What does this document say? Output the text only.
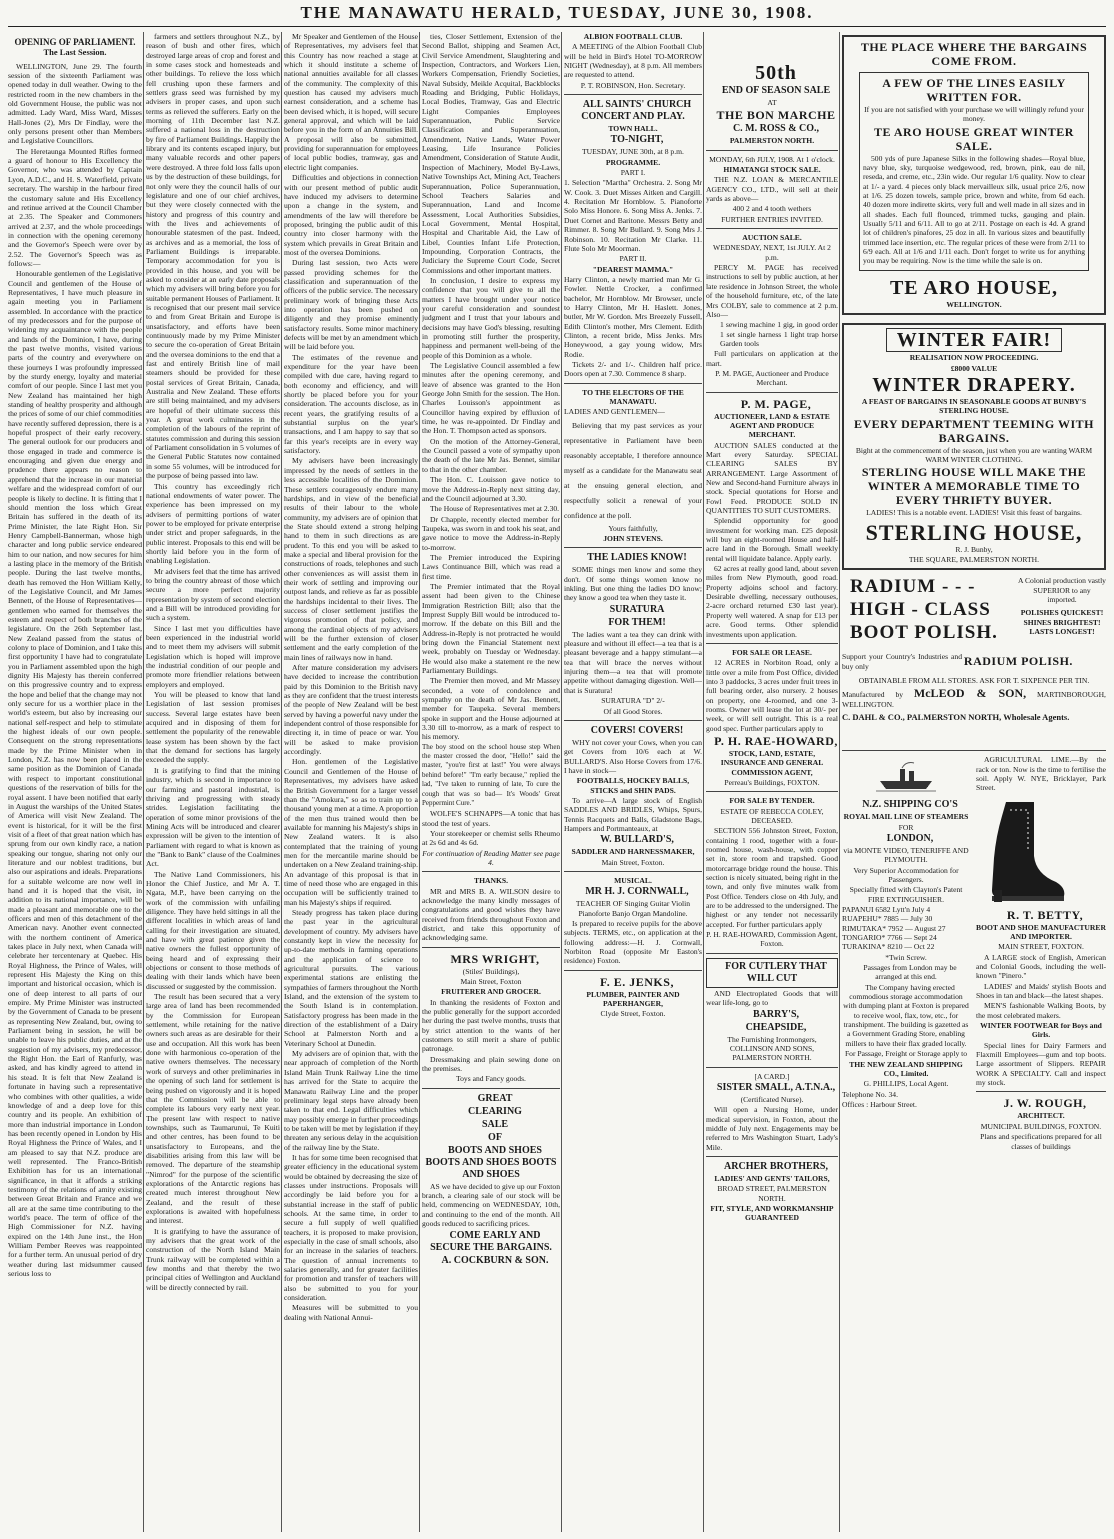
THE MANAWATU HERALD, TUESDAY, JUNE 30, 1908.

OPENING OF PARLIAMENT.

The Last Session.

WELLINGTON, June 29. The fourth session of the sixteenth Parliament was opened today in dull weather. Owing to the restricted room in the new chambers in the old Government House, the public was not admitted. Lady Ward, Miss Ward, Misses Hall-Jones (2), Mrs Dr Findlay, were the only persons present other than Members and Legislative Councillors.

The Heretaunga Mounted Rifles formed a guard of honour to His Excellency the Governor, who was attended by Captain Lyon, A.D.C., and H. S. Waterfield, private secretary. The warship in the harbour fired the customary salute and His Excellency and retinue arrived at the Council Chamber at 2.35. The Speaker and Commoners arrived at 2.37, and the whole proceedings in connection with the opening ceremony and the Governor's Speech were over by 2.52. The Governor's Speech was as follows:—

Honourable gentlemen of the Legislative Council and gentlemen of the House of Representatives, I have much pleasure in again meeting you in Parliament assembled. In accordance with the practice of my predecessors and for the purpose of widening my acquaintance with the people and lands of the Dominion, I have, during the past twelve months, visited various parts of the country and everywhere on these journeys I was profoundly impressed by the sturdy energy, loyalty and material comfort of our people. Since I last met you New Zealand has maintained her high standing of healthy prosperity and although the prices of some of our chief commodities have recently suffered depression, there is a hopeful prospect of their early recovery. The general outlook for our producers and those engaged in trade and commerce is encouraging and given due energy and prudence there appears no reason to apprehend that the increase in our material welfare and the widespread comfort of our people is likely to decline. It is fitting that I should mention the loss which Great Britain has suffered in the death of its Prime Minister, the late Right Hon. Sir Henry Campbell-Bannerman, whose high character and long public service endeared him to our nation, and now secures for him a lasting place in the memory of the British people. During the last twelve months, death has removed the Hon William Kelly, of the Legislative Council, and Mr James Bennett, of the House of Representatives—gentlemen who earned for themselves the esteem and respect of both branches of the legislature. On the 26th September last, New Zealand passed from the status of colony to place of Dominion, and I take this first opportunity I have had to congratulate you in Parliament assembled upon the high dignity His Majesty has therein conferred on this progressive country and to express the hope and belief that the change may not only secure for us a worthier place in the world's esteem, but also by increasing our national self-respect and help to stimulate the highest ideals of our own people. Consequent on the strong representations made by the Prime Minister when in London, N.Z. has now been placed in the same position as the Dominion of Canada with respect to important constitutional questions of the reservation of bills for the royal assent. I have been notified that early in August the warships of the United States of America will visit New Zealand. The event is historical, for it will be the first visit of a fleet of that great nation which has sprung from our own kindly race, a nation speaking our tongue, sharing not only our literature and our noblest traditions, but also our aspirations and ideals. Preparations for a suitable welcome are now well in hand and it is hoped that the visit, in addition to its national importance, will be made a pleasant and memorable one to the officers and men of this detachment of the American navy. Another event connected with the northern continent of America takes place in July next, when Canada will celebrate her tercentenary at Quebec. His Royal Highness, the Prince of Wales, will represent His Majesty the King on this important and historical occasion, which is one of deep interest to all parts of our empire. My Prime Minister was instructed by the Government of Canada to be present as representing New Zealand, but, owing to Parliament being in session, he will be unable to leave his public duties, and at the suggestion of my advisers, my predecessor, the Right Hon. the Earl of Ranfurly, was asked, and has kindly agreed to attend in his stead. It is felt that New Zealand is fortunate in having such a representative who combines with other qualities, a wide knowledge of and a deep love for this country and its people. An exhibition of more than industrial importance in London has been recently opened in London by His Royal Highness the Prince of Wales, and I am pleased to say that N.Z. produce are well represented. The Franco-British Exhibition has for us an international significance, in that it affords a striking testimony of the relations of amity existing between Great Britain and France and we all are at the same time contributing to the world's peace. The term of office of the High Commissioner for N.Z. having expired on the 14th June inst., the Hon William Pember Reeves was reappointed for a further term. An unusual period of dry weather during last midsummer caused serious loss to

farmers and settlers throughout N.Z., by reason of bush and other fires, which destroyed large areas of crop and forest and in some cases stock and homesteads and other buildings. To relieve the loss which fell crushing upon these farmers and settlers grass seed was furnished by my advisers in proper cases, and upon such terms as relieved the sufferers. Early on the morning of 11th December last N.Z. suffered a national loss in the destruction by fire of Parliament Buildings. Happily the library and its contents escaped injury, but many valuable records and other papers were destroyed. A three fold loss falls upon us by the destruction of these buildings, for not only were they the council halls of our legislature and one of our chief archives, but they were closely connected with the history and progress of this country and with the lives and achievements of honourable statesmen of the past. Indeed, as archives and as a memorial, the loss of Parliament Buildings is irreparable. Temporary accommodation for you is provided in this house, and you will be asked to consider at an early date proposals which my advisers will bring before you for suitable permanent Houses of Parliament. It is recognised that our present mail service to and from Great Britain and Europe is unsatisfactory, and efforts have been continuously made by my Prime Minister to secure the co-operation of Great Britain and the oversea dominions to the end that a fast and entirely British line of mail steamers should be provided for these postal services of Great Britain, Canada, Australia and New Zealand. These efforts are still being maintained, and my advisers are hopeful of their ultimate success this year. A great work culminates in the completion of the labours of the reprint of statutes commission and during this session of Parliament consolidation in 5 volumes of the General Public Statutes now contained in some 55 volumes, will be introduced for the purpose of being passed into law.

This country has exceedingly rich national endowments of water power. The experience has been impressed on my advisers of permitting portions of water power to be employed for private enterprise under strict and proper safeguards, in the public interest. Proposals to this end will be shortly laid before you in the form of enabling Legislation.

Mr advisers feel that the time has arrived to bring the country abreast of those which secure a more perfect majority representation by system of second election and a Bill will be introduced providing for such a system.

Since I last met you difficulties have been experienced in the industrial world and to meet them my advisers will submit Legislation which is hoped will improve the industrial condition of our people and promote more friendlier relations between employers and employed.

You will be pleased to know that land Legislation of last session promises success. Several large estates have been acquired and in disposing of them for settlement the popularity of the renewable lease system has been shown by the fact that the demand for sections has largely exceeded the supply.

It is gratifying to find that the mining industry, which is second in importance to our farming and pastoral industrial, is thriving and progressing with steady strides. Legislation facilitating the operation of some minor provisions of the Mining Acts will be introduced and clearer expression will be given to the intention of Parliament with regard to what is known as the "Bank to Bank" clause of the Coalmines Act.

The Native Land Commissioners, his Honor the Chief Justice, and Mr A. T. Ngata, M.P., have been carrying on the work of the commission with unfailing diligence. They have held sittings in all the different localities in which areas of land calling for their investigation are situated, and have with great patience given the native owners the fullest opportunity of being heard and of expressing their objections or consent to those methods of dealing with their lands which have been discussed or suggested by the commission.

The result has been secured that a very large area of land has been recommended by the Commission for European settlement, while retaining for the native owners such areas as are desirable for their use and occupation. All this work has been done with harmonious co-operation of the native owners themselves. The necessary work of surveys and other preliminaries in the opening of such land for settlement is being pushed on vigorously and it is hoped that the Commission will be able to complete its labours very early next year. The present law with respect to native townships, such as Taumarunui, Te Kuiti and other centres, has been found to be unsatisfactory to Europeans, and the disabilities arising from this law will be removed. The departure of the steamship "Nimrod" for the purpose of the scientific explorations of the Antarctic regions has created much interest throughout New Zealand, and the result of these explorations is awaited with hopefulness and interest.

It is gratifying to have the assurance of my advisers that the great work of the construction of the North Island Main Trunk railway will be completed within a few months and that thereby the two principal cities of Wellington and Auckland will be directly connected by rail.

Mr Speaker and Gentlemen of the House of Representatives, my advisers feel that this Country has now reached a stage at which it should institute a scheme of national annuities available for all classes of the community. The complexity of this question has caused my advisers much earnest consideration, and a scheme has been devised which, it is hoped, will secure general approval, and which will be laid before you in the form of an Annuities Bill. A proposal will also be submitted, providing for superannuation for employees of local public bodies, tramway, gas and electric light companies.

Difficulties and objections in connection with our present method of public audit have induced my advisers to determine upon a change in the system, and amendments of the law will therefore be proposed, bringing the public audit of this country into closer harmony with the system which prevails in Great Britain and most of the oversea Dominions.

During last session, two Acts were passed providing schemes for the classification and superannuation of the officers of the public service. The necessary preliminary work of bringing these Acts into operation has been pushed on diligently and they promise eminently satisfactory results. Some minor machinery defects will be met by an amendment which will be laid before you.

The estimates of the revenue and expenditure for the year have been compiled with due care, having regard to both economy and efficiency, and will shortly be placed before you for your consideration. The accounts disclose, as in recent years, the gratifying results of a substantial surplus on the year's transactions, and I am happy to say that so far this year's receipts are in every way satisfactory.

My advisers have been increasingly impressed by the needs of settlers in the less accessible localities of the Dominion. These settlers courageously endure many hardships, and in view of the beneficial results of their labour to the whole community, my advisers are of opinion that the State should extend a strong helping hand to them in such directions as are prudent. To this end you will be asked to make a special and liberal provision for the constructions of roads, telephones and such other conveniences as will assist them in their work of settling and improving our outpost lands, and relieve as far as possible the hardships incidental to their lives. The success of closer settlement justifies the vigorous promotion of that policy, and among the cardinal objects of my advisers will be the further extension of closer settlement and the early completion of the main lines of railways now in hand.

After mature consideration my advisers have decided to increase the contribution paid by this Dominion to the British navy as they are confident that the truest interests of the people of New Zealand will be best served by having a powerful navy under the independent control of those responsible for directing it, in time of peace or war. You will be asked to make provision accordingly.

Hon. gentlemen of the Legislative Council and Gentlemen of the House of Representatives, my advisers have asked the British Government for a larger vessel than the "Amokura," so as to train up to a thousand young men at a time. A proportion of the men thus trained would then be available for manning his Majesty's ships in New Zealand waters. It is also contemplated that the training of young men for the mercantile marine should be undertaken on a New Zealand training-ship. An advantage of this proposal is that in time of need those who are engaged in this occupation will be sufficiently trained to man his Majesty's ships if required.

Steady progress has taken place during the past year in the agricultural development of country. My advisers have constantly kept in view the necessity for up-to-date methods in farming operations and the application of science to agricultural pursuits. The various experimental stations are enlisting the sympathies of farmers throughout the North Island, and the extension of the system to the South Island is in contemplation. Satisfactory progress has been made in the direction of the establishment of a Dairy School at Palmerston North and a Veterinary School at Dunedin.

My advisers are of opinion that, with the near approach of completion of the North Island Main Trunk Railway Line the time has arrived for the State to acquire the Manawatu Railway Line and the proper preliminary legal steps have already been taken to that end. Legal difficulties which may possibly emerge in further proceedings to be taken will be met by legislation if they threaten any serious delay in the acquisition of the railway line by the State.

It has for some time been recognised that greater efficiency in the educational system would be obtained by decreasing the size of classes under instructions. Proposals will accordingly be laid before you for a substantial increase in the staff of public schools. At the same time, in order to secure a full supply of well qualified teachers, it is proposed to make provision, especially in the case of small schools, also for an increase in the salaries of teachers. The question of annual increments to salaries generally, and for greater facilities for promotion and transfer of teachers will also be submitted to you for your consideration.

Measures will be submitted to you dealing with National Annui-

ties, Closer Settlement, Extension of the Second Ballot, shipping and Seamen Act, Civil Service Amendment, Slaughtering and Inspection, Contractors, and Workers Lien, Workers Compensation, Friendly Societies, Naval Subsidy, Meikle Acquital, Backblocks Roading and Bridging, Public Holidays, Local Bodies, Tramway, Gas and Electric Light Companies Employees Superannuation, Public Service Classification and Superannuation, Amendment, Native Lands, Water Power Leasing, Life Insurance Policies Amendment, Consideration of Statute Audit, Inspection of Machinery, Model By-Laws, Native Townships Act, Mining Act, Teachers Superannuation, Police Superannuation, School Teachers Salaries and Superannuation, Land and Income Assessment, Local Authorities Subsidies, Local Government, Mental Hospital, Hospital and Charitable Aid, the Law of Libel, Counties Infant Life Protection, Impounding, Corporation Contracts, the Judiciary the Supreme Court Code, Secret Commissions and other important matters.

In conclusion, I desire to express my confidence that you will give to all the matters I have brought under your notice your careful consideration and soundest judgment and I trust that your labours and decisions may have God's blessing, resulting in promoting still further the prosperity, happiness and permanent well-being of the people of this Dominion as a whole.

The Legislative Council assembled a few minutes after the opening ceremony, and leave of absence was granted to the Hon George John Smith for the session. The Hon. Charles Louisson's appointment as Councillor having expired by effluxion of time, he was re-appointed. Dr Findlay and the Hon. T. Thompson acted as sponsors.

On the motion of the Attorney-General, the Council passed a vote of sympathy upon the death of the late Mr Jas. Bennet, similar to that in the other chamber.

The Hon. C. Louisson gave notice to move the Address-in-Reply next sitting day, and the Council adjourned at 3.30.

The House of Representatives met at 2.30.

Dr Chapple, recently elected member for Taupeka, was sworn in and took his seat, and gave notice to move the Address-in-Reply to-morrow.

The Premier introduced the Expiring Laws Continuance Bill, which was read a first time.

The Premier intimated that the Royal assent had been given to the Chinese Immigration Restriction Bill; also that the Imprest Supply Bill would be introduced to-morrow. If the debate on this Bill and the Address-in-Reply is not protracted he would bring down the Financial Statement next week, probably on Tuesday or Wednesday. He would also make a statement re the new Parliamentary Buildings.

The Premier then moved, and Mr Massey seconded, a vote of condolence and sympathy on the death of Mr Jas. Bennett, member for Taupeka. Several members spoke in support and the House adjourned at 3.30 till to-morrow, as a mark of respect to his memory.

The boy stood on the school house step When the master crossed the door, "Hello!" said the master, "you're first at last!" You were always behind before!" "I'm early because," replied the lad, "I've taken to running of late, To cure the cough that was so bad— It's Woods' Great Peppermint Cure."

WOLFE'S SCHNAPPS—A tonic that has stood the test of years.

Your storekeeper or chemist sells Rheumo at 2s 6d and 4s 6d.

For continuation of Reading Matter see page 4.

THANKS.

MR and MRS B. A. WILSON desire to acknowledge the many kindly messages of congratulations and good wishes they have received from friends throughout Foxton and district, and take this opportunity of acknowledging same.

MRS WRIGHT,

(Stiles' Buildings),

Main Street, Foxton

FRUITERER AND GROCER.

In thanking the residents of Foxton and the public generally for the support accorded her during the past twelve months, trusts that by strict attention to the wants of her customers to still merit a share of public patronage.

Dressmaking and plain sewing done on the premises.

Toys and Fancy goods.

GREAT

CLEARING

SALE

OF

BOOTS AND SHOES BOOTS AND SHOES BOOTS AND SHOES

AS we have decided to give up our Foxton branch, a clearing sale of our stock will be held, commencing on WEDNESDAY, 10th, and continuing to the end of the month. All goods reduced to sacrificing prices.

COME EARLY AND SECURE THE BARGAINS.

A. COCKBURN & SON.

ALBION FOOTBALL CLUB.

A MEETING of the Albion Football Club will be held in Bird's Hotel TO-MORROW NIGHT (Wednesday), at 8 p.m. All members are requested to attend.

P. T. ROBINSON, Hon. Secretary.

ALL SAINTS' CHURCH CONCERT AND PLAY.

TOWN HALL.

TO-NIGHT,

TUESDAY, JUNE 30th, at 8 p.m.

PROGRAMME.

PART I.

1. Selection "Martha" Orchestra. 2. Song Mr W. Cook. 3. Duet Misses Aitken and Cargill. 4. Recitation Mr Hornblow. 5. Pianoforte Solo Miss Honore. 6. Song Miss A. Jenks. 7. Duet Cornet and Baritone. Messrs Betty and Rimmer. 8. Song Mr Bullard. 9. Song Mrs J. Robinson. 10. Recitation Mr Clarke. 11. Flute Solo Mr Moorman.

PART II.

"DEAREST MAMMA."

Harry Clinton, a newly married man Mr G. Fowler. Nettle Crocker, a confirmed bachelor, Mr Hornblow. Mr Browser, uncle to Harry Clinton, Mr H. Haslett. Jones, butler, Mr W. Gordon. Mrs Breezely Fussell, Edith Clinton's mother, Mrs Clement. Edith Clinton, a recent bride, Miss Jenks. Mrs Honeywood, a gay young widow, Mrs Rodie.

Tickets 2/- and 1/-. Children half price. Doors open at 7.30. Commence 8 sharp.

TO THE ELECTORS OF THE MANAWATU.

LADIES AND GENTLEMEN—

Believing that my past services as your representative in Parliament have been reasonably acceptable, I therefore announce myself as a candidate for the Manawatu seat at the ensuing general election, and respectfully solicit a renewal of your confidence at the poll.

Yours faithfully,

JOHN STEVENS.

THE LADIES KNOW!

SOME things men know and some they don't. Of some things women know no inkling. But one thing the ladies DO know; they know a good tea when they taste it.

SURATURA

FOR THEM!

The ladies want a tea they can drink with pleasure and without ill effect—a tea that is a pleasant beverage and a happy stimulant—a tea that will brace the nerves without injuring them—a tea that will promote appetite without damaging digestion. Well—that is Suratura!

SURATURA "D" 2/-

Of all Good Stores.

COVERS! COVERS!

WHY not cover your Cows, when you can get Covers from 10/6 each at W. BULLARD'S. Also Horse Covers from 17/6. I have in stock—

FOOTBALLS, HOCKEY BALLS, STICKS and SHIN PADS.

To arrive—A large stock of English SADDLES AND BRIDLES, Whips, Spurs, Tennis Racquets and Balls, Gladstone Bags, Hampers and Portmanteaux, at

W. BULLARD'S,

SADDLER AND HARNESSMAKER,

Main Street, Foxton.

MUSICAL.

MR H. J. CORNWALL,

TEACHER OF Singing Guitar Violin Pianoforte Banjo Organ Mandoline.

Is prepared to receive pupils for the above subjects. TERMS, etc., on application at the following address:—H. J. Cornwall, Norbiton Road (opposite Mr Easton's residence) Foxton.

F. E. JENKS,

PLUMBER, PAINTER AND PAPERHANGER,

Clyde Street, Foxton.

50th

END OF SEASON SALE

AT

THE BON MARCHE

C. M. ROSS & CO.,

PALMERSTON NORTH.

MONDAY, 6th JULY, 1908. At 1 o'clock.

HIMATANGI STOCK SALE.

THE N.Z. LOAN & MERCANTILE AGENCY CO., LTD., will sell at their yards as above—

400 2 and 4 tooth wethers

FURTHER ENTRIES INVITED.

AUCTION SALE.

WEDNESDAY, NEXT, 1st JULY. At 2 p.m.

PERCY M. PAGE has received instructions to sell by public auction, at her late residence in Johnson Street, the whole of the household furniture, etc, of the late Mrs COLBY, sale to commence at 2 p.m. Also—

1 sewing machine 1 gig, in good order 1 set single harness 1 light trap horse Garden tools

Full particulars on application at the mart.

P. M. PAGE, Auctioneer and Produce Merchant.

P. M. PAGE,

AUCTIONEER, LAND & ESTATE AGENT AND PRODUCE MERCHANT.

AUCTION SALES conducted at the Mart every Saturday. SPECIAL CLEARING SALES BY ARRANGEMENT. Large Assortment of New and Second-hand Furniture always in stock. Special quotations for Horse and Fowl Feed. PRODUCE SOLD IN QUANTITIES TO SUIT CUSTOMERS.

Splendid opportunity for good investment for working man. £25 deposit will buy an eight-roomed House and half-acre land in the Borough. Small weekly rental will liquidate balance. Apply early.

62 acres at really good land, about seven miles from New Plymouth, good road. Property adjoins school and factory. Desirable dwelling, necessary outhouses, 2-acre orchard returned £30 last year). Property well watered. A snap for £13 per acre. Good terms. Other splendid investments upon application.

FOR SALE OR LEASE.

12 ACRES in Norbiton Road, only a little over a mile from Post Office, divided into 3 paddocks, 3 acres under fruit trees in full bearing order, also nursery. 2 houses on property, one 4-roomed, and one 3-rooms. Owner will lease the lot at 30/- per week, or will sell outright. This is a real good spec. Further particulars apply to

P. H. RAE-HOWARD,

STOCK, LAND, ESTATE, INSURANCE AND GENERAL COMMISSION AGENT,

Perreau's Buildings, FOXTON.

FOR SALE BY TENDER.

ESTATE OF REBECCA COLEY, DECEASED.

SECTION 556 Johnston Street, Foxton, containing 1 rood, together with a four-roomed house, wash-house, with copper set in, store room and trapshed. Good motorcarrage bridge round the house. This section is nicely situated, being right in the town, and only five minutes walk from Post Office. Tenders close on 4th July, and are to be addressed to the undersigned. The highest or any tender not necessarily accepted. For further particulars apply

P. H. RAE-HOWARD, Commission Agent, Foxton.

FOR CUTLERY THAT WILL CUT

AND Electroplated Goods that will wear life-long, go to

BARRY'S,

CHEAPSIDE,

The Furnishing Ironmongers, COLLINSON AND SONS, PALMERSTON NORTH.

[A CARD.]

SISTER SMALL, A.T.N.A.,

(Certificated Nurse).

Will open a Nursing Home, under medical supervision, in Foxton, about the middle of July next. Engagements may be referred to Mrs Washington Stuart, Lady's Mile.

ARCHER BROTHERS,

LADIES' AND GENTS' TAILORS,

BROAD STREET, PALMERSTON NORTH.

FIT, STYLE, AND WORKMANSHIP GUARANTEED

THE PLACE WHERE THE BARGAINS COME FROM.

A FEW OF THE LINES EASILY WRITTEN FOR.

If you are not satisfied with your purchase we will willingly refund your money.

TE ARO HOUSE GREAT WINTER SALE.

500 yds of pure Japanese Silks in the following shades—Royal blue, navy blue, sky, turquoise wedgewood, red, brown, pink, eau de nil, reseda, and creme, etc., 23in wide. Our regular 1/6 quality. Now to clear at 1/- a yard. 4 pieces only black mervailleux silk, usual price 2/6, now at 1/6. 25 dozen towels, sample price, brown and white, from 6d each. 40 dozen more indirette skirts, very full and well made in all sizes and in all shades. Each full flounced, trimmed tucks, gauging and plain. Usually 5/11 and 6/11. All to go at 2/11. Postage on each is 4d. A grand lot of children's pinafores, 25 doz in all. In various sizes and beautifully trimmed lace insertion, etc. The regular prices of these were from 2/11 to 6/9 each. All at 1/6 and 1/11 each. Don't forget to write us for anything you may be requiring. Now is the time while the sale is on.

TE ARO HOUSE,

WELLINGTON.

WINTER FAIR!

REALISATION NOW PROCEEDING.

£8000 VALUE

WINTER DRAPERY.

A FEAST OF BARGAINS IN SEASONABLE GOODS AT BUNBY'S STERLING HOUSE.

EVERY DEPARTMENT TEEMING WITH BARGAINS.

Bight at the commencement of the season, just when you are wanting WARM WARM WINTER CLOTHING.

STERLING HOUSE WILL MAKE THE WINTER A MEMORABLE TIME TO EVERY THRIFTY BUYER.

LADIES! This is a notable event. LADIES! Visit this feast of bargains.

STERLING HOUSE,

R. J. Bunby,

THE SQUARE, PALMERSTON NORTH.

RADIUM - - -

HIGH - CLASS

BOOT POLISH.

A Colonial production vastly SUPERIOR to any imported.

POLISHES QUICKEST! SHINES BRIGHTEST! LASTS LONGEST!

Support your Country's Industries and buy only	RADIUM POLISH.

OBTAINABLE FROM ALL STORES. ASK FOR T. SIXPENCE PER TIN.

Manufactured by McLEOD & SON, MARTINBOROUGH, WELLINGTON.

C. DAHL & CO., PALMERSTON NORTH, Wholesale Agents.

N.Z. SHIPPING CO'S

ROYAL MAIL LINE OF STEAMERS

FOR

LONDON,

via MONTE VIDEO, TENERIFFE AND PLYMOUTH.

Very Superior Accommodation for Passengers.

Specially fitted with Clayton's Patent FIRE EXTINGUISHER.

PAPANUI 6582 Lytt'n July 4 RUAPEHU* 7885 — July 30 RIMUTAKA* 7952 — August 27 TONGARIO* 7766 — Sept 24 TURAKINA* 8210 — Oct 22

*Twin Screw.

Passages from London may be arranged at this end.

The Company having erected commodious storage accommodation with dumping plant at Foxton is prepared to receive wool, flax, tow, etc., for transhipment. The building is gazetted as a Government Grading Store, enabling millers to have their flax graded locally.

For Passage, Freight or Storage apply to

THE NEW ZEALAND SHIPPING CO., Limited.

G. PHILLIPS, Local Agent.

Telephone No. 34.

Offices : Harbour Street.

AGRICULTURAL LIME.—By the rack or ton. Now is the time to fertilise the soil. Apply W. NYE, Bricklayer, Park Street.

R. T. BETTY,

BOOT AND SHOE MANUFACTURER AND IMPORTER.

MAIN STREET, FOXTON.

A LARGE stock of English, American and Colonial Goods, including the well-known "Pinero."

LADIES' and Maids' stylish Boots and Shoes in tan and black—the latest shapes.

MEN'S fashionable Walking Boots, by the most celebrated makers.

WINTER FOOTWEAR for Boys and Girls.

Special lines for Dairy Farmers and Flaxmill Employees—gum and top boots. Large assortment of Slippers. REPAIR WORK A SPECIALTY. Call and inspect my stock.

J. W. ROUGH,

ARCHITECT.

MUNICIPAL BUILDINGS, FOXTON.

Plans and specifications prepared for all classes of buildings
